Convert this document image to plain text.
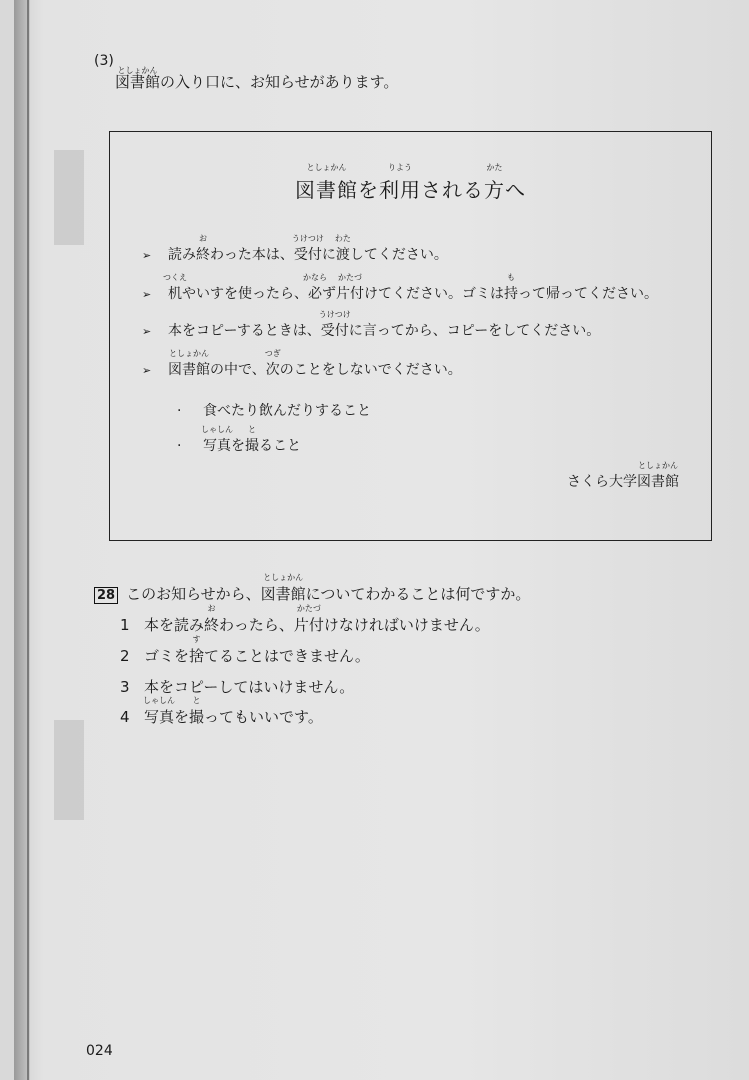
(3)
図書館
としょかん
の入り口に、お知らせがあります。
図書館
としょかん
を利用
りよう
される方
かた
へ
➢ 読み終
お
わった本は、受付
うけつけ
に渡
わた
してください。
➢ 机
つくえ
やいすを使ったら、必
かなら
ず片付
かたづ
けてください。ゴミは持
も
って帰ってください。
➢ 本をコピーするときは、受付
うけつけ
に言ってから、コピーをしてください。
➢ 図書館
としょかん
の中で、次
つぎ
のことをしないでください。
· 食べたり飲んだりすること
· 写真
しゃしん
を撮
と
ること
さくら大学図書館
としょかん
28 このお知らせから、図書館
としょかん
についてわかることは何ですか。
1 本を読み終
お
わったら、片付
かたづ
けなければいけません。
2 ゴミを捨
す
てることはできません。
3 本をコピーしてはいけません。
4 写真
しゃしん
を撮
と
ってもいいです。
024
